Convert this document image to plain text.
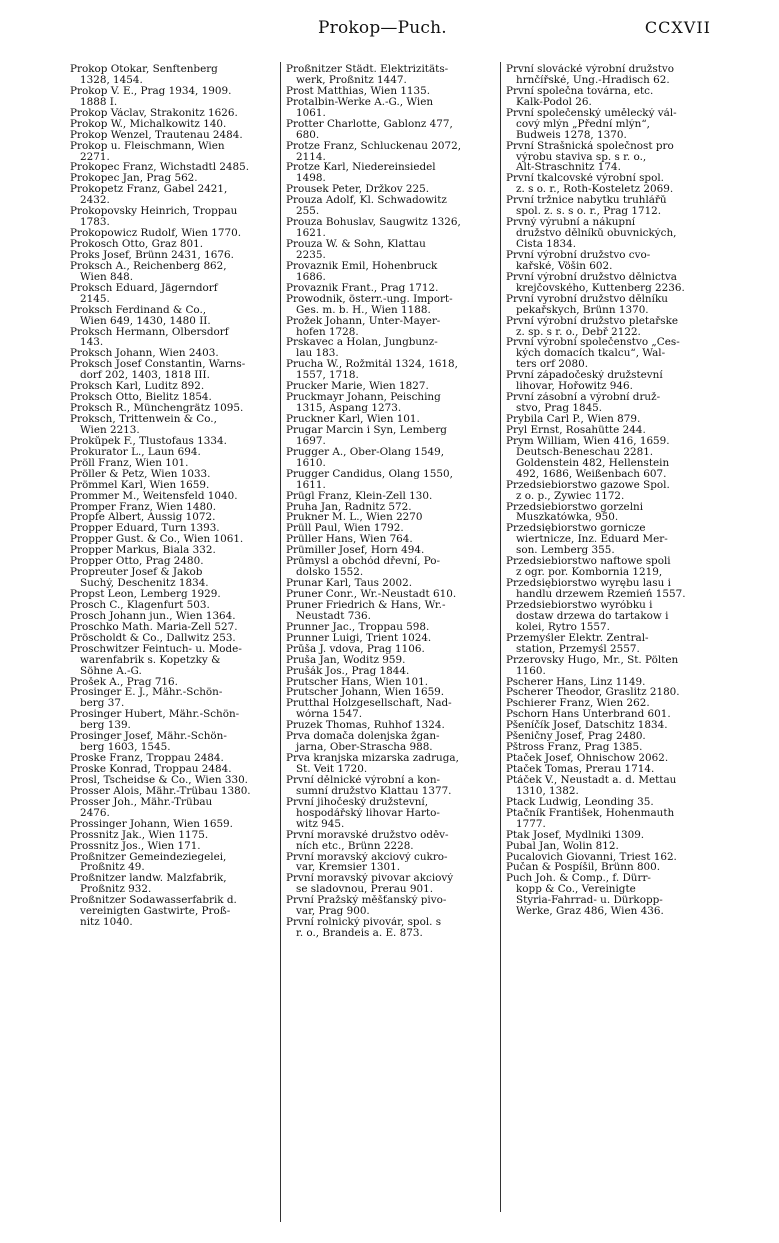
Prokop—Puch.	CCXVII
Prokop Otokar, Senftenberg
1328, 1454.
Prokop V. E., Prag 1934, 1909.
1888 I.
Prokop Václav, Strakonitz 1626.
Prokop W., Michalkowitz 140.
Prokop Wenzel, Trautenau 2484.
Prokop u. Fleischmann, Wien
2271.
Prokopec Franz, Wichstadtl 2485.
Prokopec Jan, Prag 562.
Prokopetz Franz, Gabel 2421,
2432.
Prokopovsky Heinrich, Troppau
1783.
Prokopowicz Rudolf, Wien 1770.
Prokosch Otto, Graz 801.
Proks Josef, Brünn 2431, 1676.
Proksch A., Reichenberg 862,
Wien 848.
Proksch Eduard, Jägerndorf
2145.
Proksch Ferdinand & Co.,
Wien 649, 1430, 1480 II.
Proksch Hermann, Olbersdorf
143.
Proksch Johann, Wien 2403.
Proksch Josef Constantin, Warns-
dorf 202, 1403, 1818 III.
Proksch Karl, Luditz 892.
Proksch Otto, Bielitz 1854.
Proksch R., Münchengrätz 1095.
Proksch, Trittenwein & Co.,
Wien 2213.
Prokůpek F., Tlustofaus 1334.
Prokurator L., Laun 694.
Pröll Franz, Wien 101.
Pröller & Petz, Wien 1033.
Prömmel Karl, Wien 1659.
Prommer M., Weitensfeld 1040.
Promper Franz, Wien 1480.
Propfe Albert, Aussig 1072.
Propper Eduard, Turn 1393.
Propper Gust. & Co., Wien 1061.
Propper Markus, Biala 332.
Propper Otto, Prag 2480.
Propreuter Josef & Jakob
Suchý, Deschenitz 1834.
Propst Leon, Lemberg 1929.
Prosch C., Klagenfurt 503.
Prosch Johann jun., Wien 1364.
Proschko Math. Maria-Zell 527.
Pröscholdt & Co., Dallwitz 253.
Proschwitzer Feintuch- u. Mode-
warenfabrik s. Kopetzky &
Söhne A.-G.
Prošek A., Prag 716.
Prosinger E. J., Mähr.-Schön-
berg 37.
Prosinger Hubert, Mähr.-Schön-
berg 139.
Prosinger Josef, Mähr.-Schön-
berg 1603, 1545.
Proske Franz, Troppau 2484.
Proske Konrad, Troppau 2484.
Prosl, Tscheidse & Co., Wien 330.
Prosser Alois, Mähr.-Trübau 1380.
Prosser Joh., Mähr.-Trübau
2476.
Prossinger Johann, Wien 1659.
Prossnitz Jak., Wien 1175.
Prossnitz Jos., Wien 171.
Proßnitzer Gemeindeziegelei,
Proßnitz 49.
Proßnitzer landw. Malzfabrik,
Proßnitz 932.
Proßnitzer Sodawasserfabrik d.
vereinigten Gastwirte, Proß-
nitz 1040.
Proßnitzer Städt. Elektrizitäts-
werk, Proßnitz 1447.
Prost Matthias, Wien 1135.
Protalbin-Werke A.-G., Wien
1061.
Protter Charlotte, Gablonz 477,
680.
Protze Franz, Schluckenau 2072,
2114.
Protze Karl, Niedereinsiedel
1498.
Prousek Peter, Držkov 225.
Prouza Adolf, Kl. Schwadowitz
255.
Prouza Bohuslav, Saugwitz 1326,
1621.
Prouza W. & Sohn, Klattau
2235.
Provaznik Emil, Hohenbruck
1686.
Provaznik Frant., Prag 1712.
Prowodnik, österr.-ung. Import-
Ges. m. b. H., Wien 1188.
Prožek Johann, Unter-Mayer-
hofen 1728.
Prskavec a Holan, Jungbunz-
lau 183.
Prucha W., Rožmitál 1324, 1618,
1557, 1718.
Prucker Marie, Wien 1827.
Pruckmayr Johann, Peisching
1315, Aspang 1273.
Pruckner Karl, Wien 101.
Prugar Marcin i Syn, Lemberg
1697.
Prugger A., Ober-Olang 1549,
1610.
Prugger Candidus, Olang 1550,
1611.
Prügl Franz, Klein-Zell 130.
Pruha Jan, Radnitz 572.
Prukner M. L., Wien 2270
Prüll Paul, Wien 1792.
Prüller Hans, Wien 764.
Prümiller Josef, Horn 494.
Průmysl a obchód dřevní, Po-
dolsko 1552.
Prunar Karl, Taus 2002.
Pruner Conr., Wr.-Neustadt 610.
Pruner Friedrich & Hans, Wr.-
Neustadt 736.
Prunner Jac., Troppau 598.
Prunner Luigi, Trient 1024.
Průša J. vdova, Prag 1106.
Pruša Jan, Woditz 959.
Prušák Jos., Prag 1844.
Prutscher Hans, Wien 101.
Prutscher Johann, Wien 1659.
Prutthal Holzgesellschaft, Nad-
wórna 1547.
Pruzek Thomas, Ruhhof 1324.
Prva domača dolenjska žgan-
jarna, Ober-Straschа 988.
Prva kranjska mizarska zadruga,
St. Veit 1720.
První dělnické výrobní a kon-
sumní družstvo Klattau 1377.
První jihočeský družstevní,
hospodářský lihovar Harto-
witz 945.
První moravské družstvo oděv-
ních etc., Brünn 2228.
První moravský akciový cukro-
var, Kremsier 1301.
První moravský pivovar akciový
se sladovnou, Prerau 901.
První Pražský měšťanský pivo-
var, Prag 900.
První rolnický pivovár, spol. s
r. o., Brandeis a. E. 873.
První slovácké výrobní družstvo
hrnčířské, Ung.-Hradisch 62.
První společna továrna, etc.
Kalk-Podol 26.
První společenský umělecký vál-
cový mlýn „Přední mlýn“,
Budweis 1278, 1370.
První Strašnická společnost pro
výrobu staviva sp. s r. o.,
Alt-Straschnitz 174.
První tkalcovské výrobní spol.
z. s o. r., Roth-Kosteletz 2069.
První tržnice nabytku truhlářů
spol. z. s. s o. r., Prag 1712.
Prvný výrubní a nákupní
družstvo dělníků obuvnických,
Čista 1834.
První výrobní družstvo cvo-
kařské, Vöšin 602.
První výrobní družstvo dělnictva
krejčovského, Kuttenberg 2236.
První vyrobní družstvo dělníku
pekařskych, Brünn 1370.
První výrobní družstvo pletařske
z. sp. s r. o., Debř 2122.
První výrobní společenstvo „Čes-
kých domacích tkalcu“, Wal-
ters orf 2080.
První západočeský družstevní
lihovar, Hořowitz 946.
První zásobní a výrobní druž-
stvo, Prag 1845.
Prybila Carl P., Wien 879.
Pryl Ernst, Rosahütte 244.
Prym William, Wien 416, 1659.
Deutsch-Beneschau 2281.
Goldenstein 482, Hellenstein
492, 1686, Weißenbach 607.
Przedsiebiorstwo gazowe Spol.
z o. p., Żywiec 1172.
Przedsiebiorstwo gorzelni
Muszkatówka, 950.
Przedsiębiorstwo gornicze
wiertnicze, Inz. Eduard Mer-
son. Lemberg 355.
Przedsiebiorstwo naftowe spoli
z ogr. por. Kombornia 1219,
Przedsiębiorstwo wyrębu lasu i
handlu drzewem Rzemień 1557.
Przedsiebiorstwo wyróbku i
dostaw drzewa do tartakow i
kolei, Rytro 1557.
Przemyśler Elektr. Zentral-
station, Przemyśl 2557.
Przerovsky Hugo, Mr., St. Pölten
1160.
Pscherer Hans, Linz 1149.
Pscherer Theodor, Graslitz 2180.
Pschierer Franz, Wien 262.
Pschorn Hans Unterbrand 601.
Pšeníčík Josef, Datschitz 1834.
Pšeničny Josef, Prag 2480.
Pštross Franz, Prag 1385.
Ptaček Josef, Ohnischow 2062.
Ptaček Tomas, Prerau 1714.
Ptáček V., Neustadt a. d. Mettau
1310, 1382.
Ptack Ludwig, Leonding 35.
Ptačník František, Hohenmauth
1777.
Ptak Josef, Mydlniki 1309.
Pubal Jan, Wolin 812.
Pucalovich Giovanni, Triest 162.
Pučan & Pospíšil, Brünn 800.
Puch Joh. & Comp., f. Dürr-
kopp & Co., Vereinigte
Styria-Fahrrad- u. Dürkopp-
Werke, Graz 486, Wien 436.
